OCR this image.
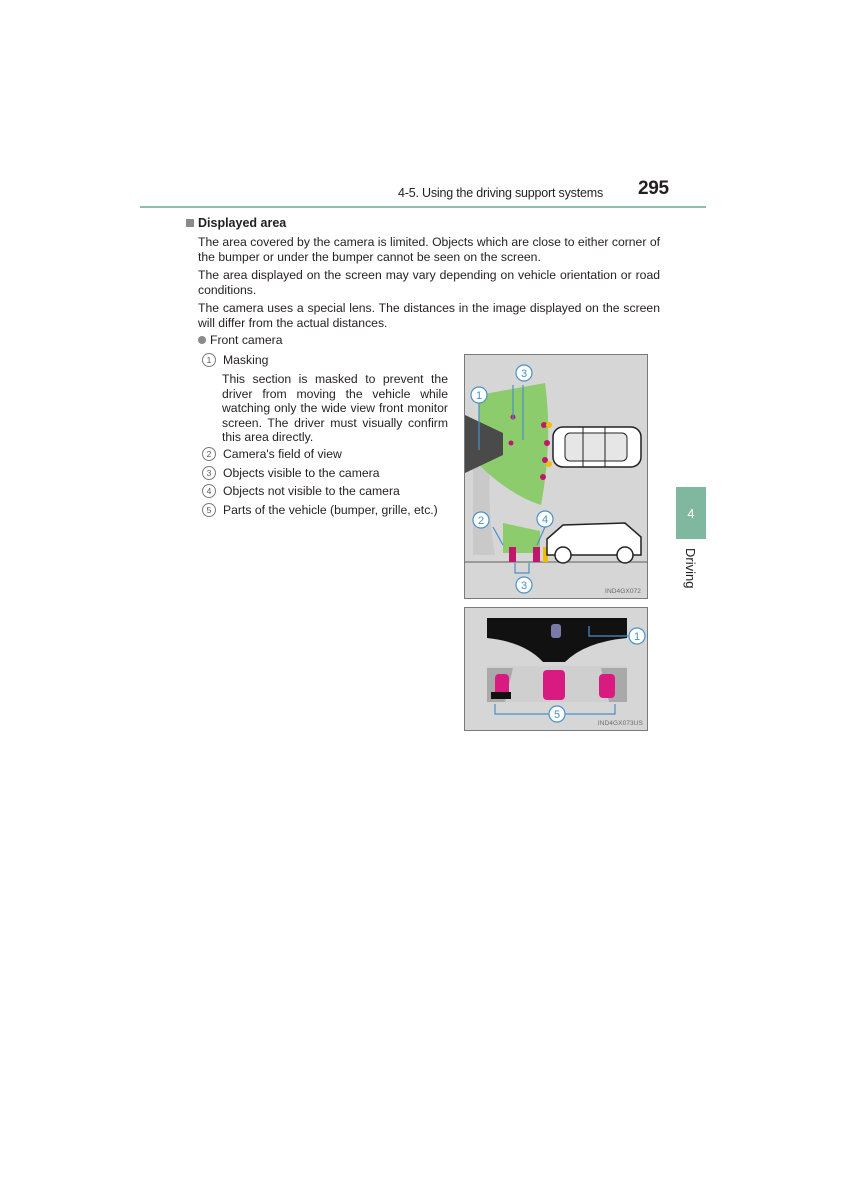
4-5. Using the driving support systems 295
4
Driving
Displayed area
The area covered by the camera is limited. Objects which are close to either corner of the bumper or under the bumper cannot be seen on the screen.
The area displayed on the screen may vary depending on vehicle orientation or road conditions.
The camera uses a special lens. The distances in the image displayed on the screen will differ from the actual distances.
Front camera
1 Masking
This section is masked to prevent the driver from moving the vehicle while watching only the wide view front monitor screen. The driver must visually confirm this area directly.
2 Camera's field of view
3 Objects visible to the camera
4 Objects not visible to the camera
5 Parts of the vehicle (bumper, grille, etc.)
1
3
2	4
3	IND4GX072
1
5
IND4GX073US
